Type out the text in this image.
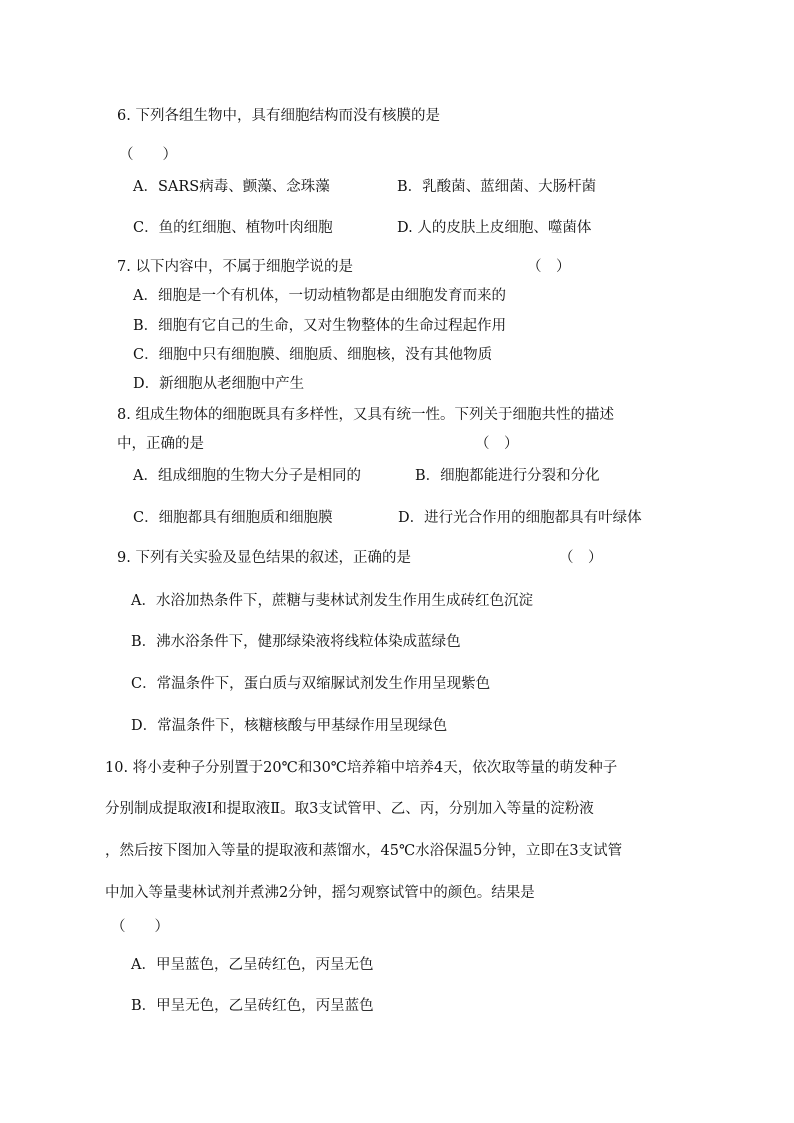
6. 下列各组生物中，具有细胞结构而没有核膜的是
（　　）
A．SARS病毒、颤藻、念珠藻	B．乳酸菌、蓝细菌、大肠杆菌
C．鱼的红细胞、植物叶肉细胞	D. 人的皮肤上皮细胞、噬菌体
7. 以下内容中，不属于细胞学说的是	（　）
A．细胞是一个有机体，一切动植物都是由细胞发育而来的
B．细胞有它自己的生命，又对生物整体的生命过程起作用
C．细胞中只有细胞膜、细胞质、细胞核，没有其他物质
D．新细胞从老细胞中产生
8. 组成生物体的细胞既具有多样性，又具有统一性。下列关于细胞共性的描述
中，正确的是	（　）
A．组成细胞的生物大分子是相同的	B．细胞都能进行分裂和分化
C．细胞都具有细胞质和细胞膜	D．进行光合作用的细胞都具有叶绿体
9. 下列有关实验及显色结果的叙述，正确的是	（　）
A．水浴加热条件下，蔗糖与斐林试剂发生作用生成砖红色沉淀
B．沸水浴条件下，健那绿染液将线粒体染成蓝绿色
C．常温条件下，蛋白质与双缩脲试剂发生作用呈现紫色
D．常温条件下，核糖核酸与甲基绿作用呈现绿色
10. 将小麦种子分别置于20℃和30℃培养箱中培养4天，依次取等量的萌发种子
分别制成提取液Ⅰ和提取液Ⅱ。取3支试管甲、乙、丙，分别加入等量的淀粉液
，然后按下图加入等量的提取液和蒸馏水，45℃水浴保温5分钟，立即在3支试管
中加入等量斐林试剂并煮沸2分钟，摇匀观察试管中的颜色。结果是
（　　）
A．甲呈蓝色，乙呈砖红色，丙呈无色
B．甲呈无色，乙呈砖红色，丙呈蓝色
